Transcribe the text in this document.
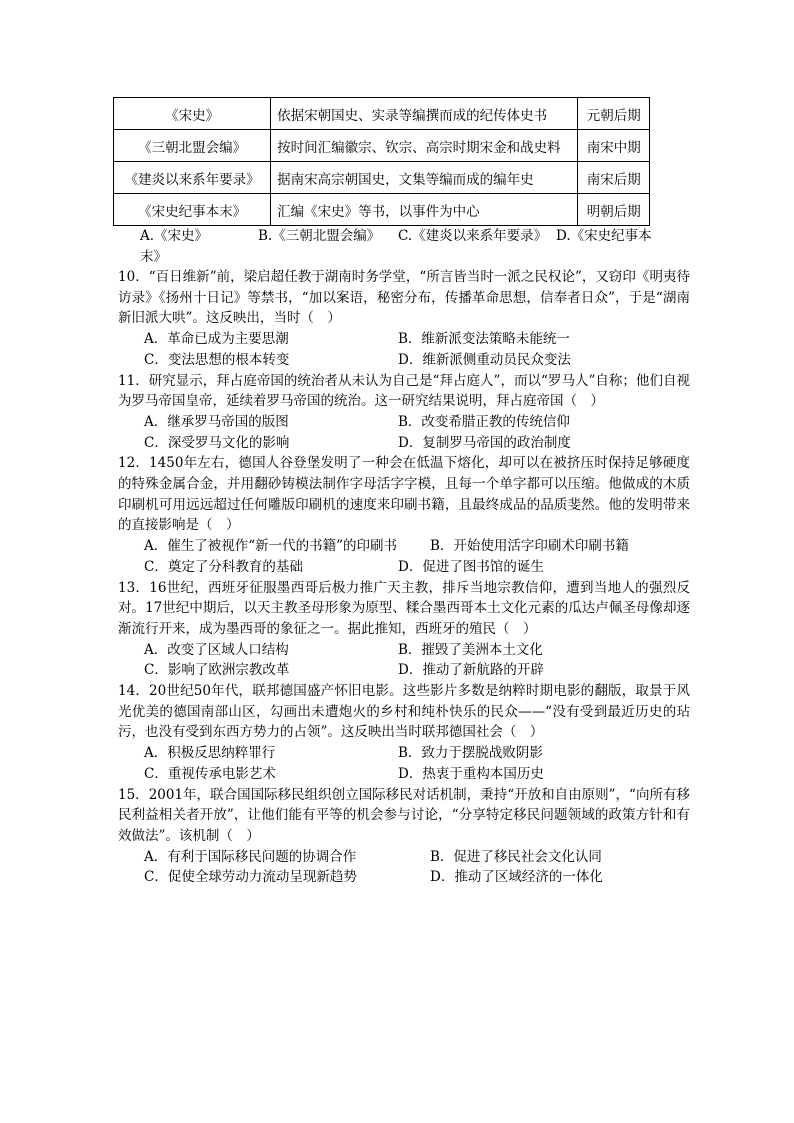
《宋史》	依据宋朝国史、实录等编撰而成的纪传体史书	元朝后期
《三朝北盟会编》	按时间汇编徽宗、钦宗、高宗时期宋金和战史料	南宋中期
《建炎以来系年要录》	据南宋高宗朝国史，文集等编而成的编年史	南宋后期
《宋史纪事本末》	汇编《宋史》等书，以事件为中心	明朝后期
A.《宋史》	B.《三朝北盟会编》 C.《建炎以来系年要录》 D.《宋史纪事本
末》
10．“百日维新”前，梁启超任教于湖南时务学堂，“所言皆当时一派之民权论”，又窃印《明夷待访录》《扬州十日记》等禁书，“加以案语，秘密分布，传播革命思想，信奉者日众”，于是“湖南新旧派大哄”。这反映出，当时（　）
A．革命已成为主要思潮	B．维新派变法策略未能统一
C．变法思想的根本转变	D．维新派侧重动员民众变法
11．研究显示，拜占庭帝国的统治者从未认为自己是“拜占庭人”，而以“罗马人”自称；他们自视为罗马帝国皇帝，延续着罗马帝国的统治。这一研究结果说明，拜占庭帝国（　）
A．继承罗马帝国的版图	B．改变希腊正教的传统信仰
C．深受罗马文化的影响	D．复制罗马帝国的政治制度
12．1450年左右，德国人谷登堡发明了一种会在低温下熔化，却可以在被挤压时保持足够硬度的特殊金属合金，并用翻砂铸模法制作字母活字字模，且每一个单字都可以压缩。他做成的木质印刷机可用远远超过任何雕版印刷机的速度来印刷书籍，且最终成品的品质斐然。他的发明带来的直接影响是（　）
A．催生了被视作“新一代的书籍”的印刷书	B．开始使用活字印刷术印刷书籍
C．奠定了分科教育的基础	D．促进了图书馆的诞生
13．16世纪，西班牙征服墨西哥后极力推广天主教，排斥当地宗教信仰，遭到当地人的强烈反对。17世纪中期后，以天主教圣母形象为原型、糅合墨西哥本土文化元素的瓜达卢佩圣母像却逐渐流行开来，成为墨西哥的象征之一。据此推知，西班牙的殖民（　）
A．改变了区域人口结构	B．摧毁了美洲本土文化
C．影响了欧洲宗教改革	D．推动了新航路的开辟
14．20世纪50年代，联邦德国盛产怀旧电影。这些影片多数是纳粹时期电影的翻版，取景于风光优美的德国南部山区，勾画出未遭炮火的乡村和纯朴快乐的民众——“没有受到最近历史的玷污，也没有受到东西方势力的占领”。这反映出当时联邦德国社会（　）
A．积极反思纳粹罪行	B．致力于摆脱战败阴影
C．重视传承电影艺术	D．热衷于重构本国历史
15．2001年，联合国国际移民组织创立国际移民对话机制，秉持“开放和自由原则”，“向所有移民利益相关者开放”，让他们能有平等的机会参与讨论，“分享特定移民问题领域的政策方针和有效做法”。该机制（　）
A．有利于国际移民问题的协调合作	B．促进了移民社会文化认同
C．促使全球劳动力流动呈现新趋势	D．推动了区域经济的一体化
